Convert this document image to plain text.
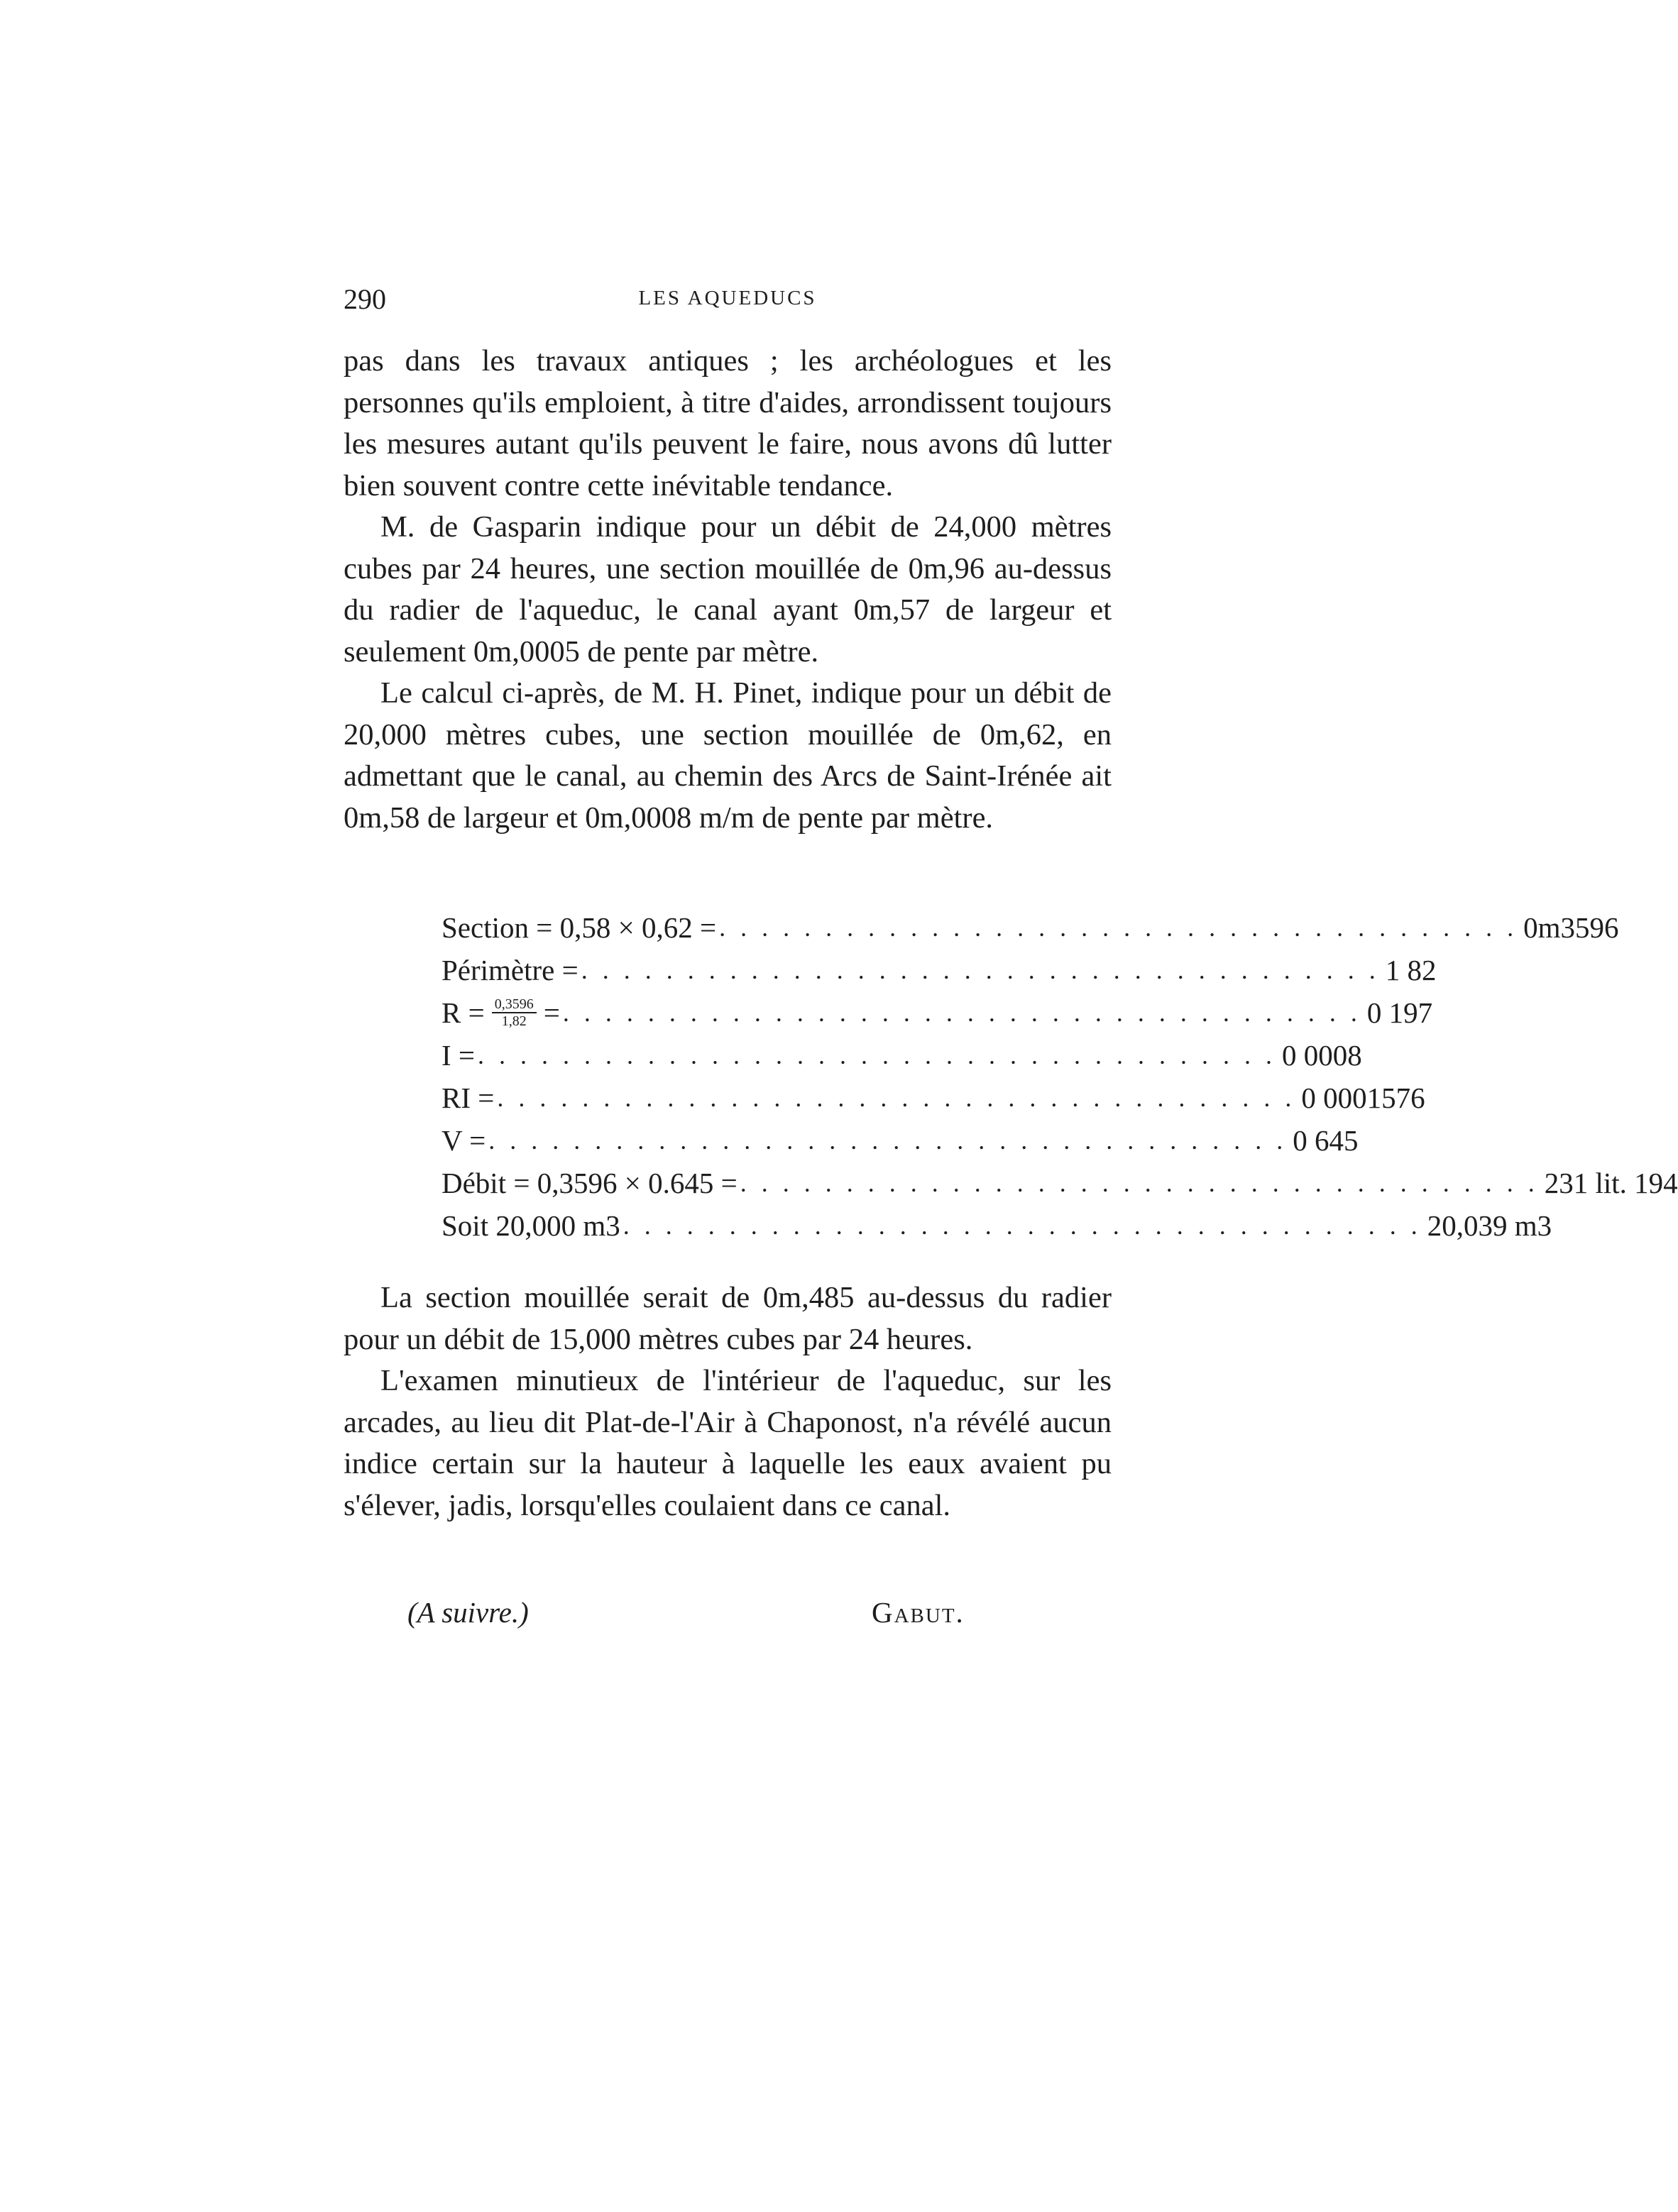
290	LES AQUEDUCS

pas dans les travaux antiques ; les archéologues et les personnes qu'ils emploient, à titre d'aides, arrondissent toujours les mesures autant qu'ils peuvent le faire, nous avons dû lutter bien souvent contre cette inévitable tendance.

M. de Gasparin indique pour un débit de 24,000 mètres cubes par 24 heures, une section mouillée de 0m,96 au-dessus du radier de l'aqueduc, le canal ayant 0m,57 de largeur et seulement 0m,0005 de pente par mètre.

Le calcul ci-après, de M. H. Pinet, indique pour un débit de 20,000 mètres cubes, une section mouillée de 0m,62, en admettant que le canal, au chemin des Arcs de Saint-Irénée ait 0m,58 de largeur et 0m,0008 m/m de pente par mètre.

Section = 0,58 × 0,62 = . . . . . . . . . . . . . . . . . . . . . . . . . . . . . . . . . . . . . . 0m3596
Périmètre = . . . . . . . . . . . . . . . . . . . . . . . . . . . . . . . . . . . . . . 1 82
$R = \frac{0,3596}{1,82}$ = . . . . . . . . . . . . . . . . . . . . . . . . . . . . . . . . . . . . . . 0 197
I = . . . . . . . . . . . . . . . . . . . . . . . . . . . . . . . . . . . . . . 0 0008
RI = . . . . . . . . . . . . . . . . . . . . . . . . . . . . . . . . . . . . . . 0 0001576
V = . . . . . . . . . . . . . . . . . . . . . . . . . . . . . . . . . . . . . . 0 645
Débit = 0,3596 × 0.645 = . . . . . . . . . . . . . . . . . . . . . . . . . . . . . . . . . . . . . . 231 lit. 194
Soit 20,000 m3 . . . . . . . . . . . . . . . . . . . . . . . . . . . . . . . . . . . . . . 20,039 m3

La section mouillée serait de 0m,485 au-dessus du radier pour un débit de 15,000 mètres cubes par 24 heures.

L'examen minutieux de l'intérieur de l'aqueduc, sur les arcades, au lieu dit Plat-de-l'Air à Chaponost, n'a révélé aucun indice certain sur la hauteur à laquelle les eaux avaient pu s'élever, jadis, lorsqu'elles coulaient dans ce canal.

(A suivre.)	Gabut.
